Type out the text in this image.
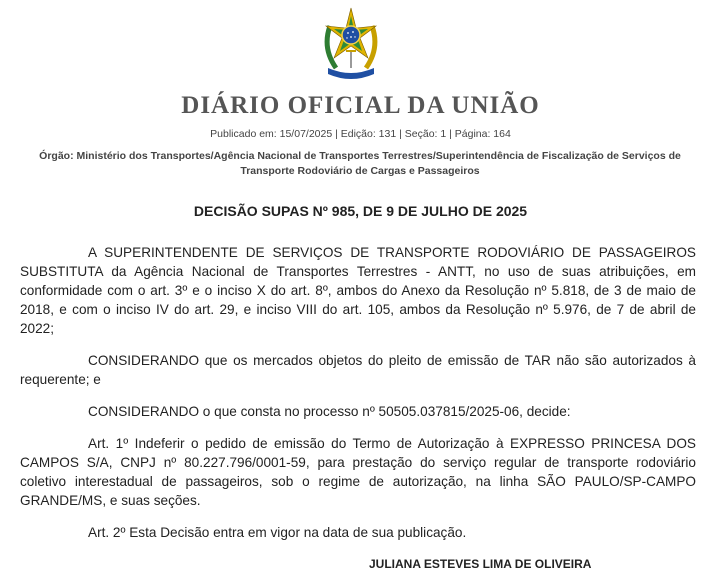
DIÁRIO OFICIAL DA UNIÃO
Publicado em: 15/07/2025 | Edição: 131 | Seção: 1 | Página: 164
Órgão: Ministério dos Transportes/Agência Nacional de Transportes Terrestres/Superintendência de Fiscalização de Serviços de Transporte Rodoviário de Cargas e Passageiros
DECISÃO SUPAS Nº 985, DE 9 DE JULHO DE 2025

A SUPERINTENDENTE DE SERVIÇOS DE TRANSPORTE RODOVIÁRIO DE PASSAGEIROS SUBSTITUTA da Agência Nacional de Transportes Terrestres - ANTT, no uso de suas atribuições, em conformidade com o art. 3º e o inciso X do art. 8º, ambos do Anexo da Resolução nº 5.818, de 3 de maio de 2018, e com o inciso IV do art. 29, e inciso VIII do art. 105, ambos da Resolução nº 5.976, de 7 de abril de 2022;

CONSIDERANDO que os mercados objetos do pleito de emissão de TAR não são autorizados à requerente; e

CONSIDERANDO o que consta no processo nº 50505.037815/2025-06, decide:

Art. 1º Indeferir o pedido de emissão do Termo de Autorização à EXPRESSO PRINCESA DOS CAMPOS S/A, CNPJ nº 80.227.796/0001-59, para prestação do serviço regular de transporte rodoviário coletivo interestadual de passageiros, sob o regime de autorização, na linha SÃO PAULO/SP-CAMPO GRANDE/MS, e suas seções.

Art. 2º Esta Decisão entra em vigor na data de sua publicação.

JULIANA ESTEVES LIMA DE OLIVEIRA
